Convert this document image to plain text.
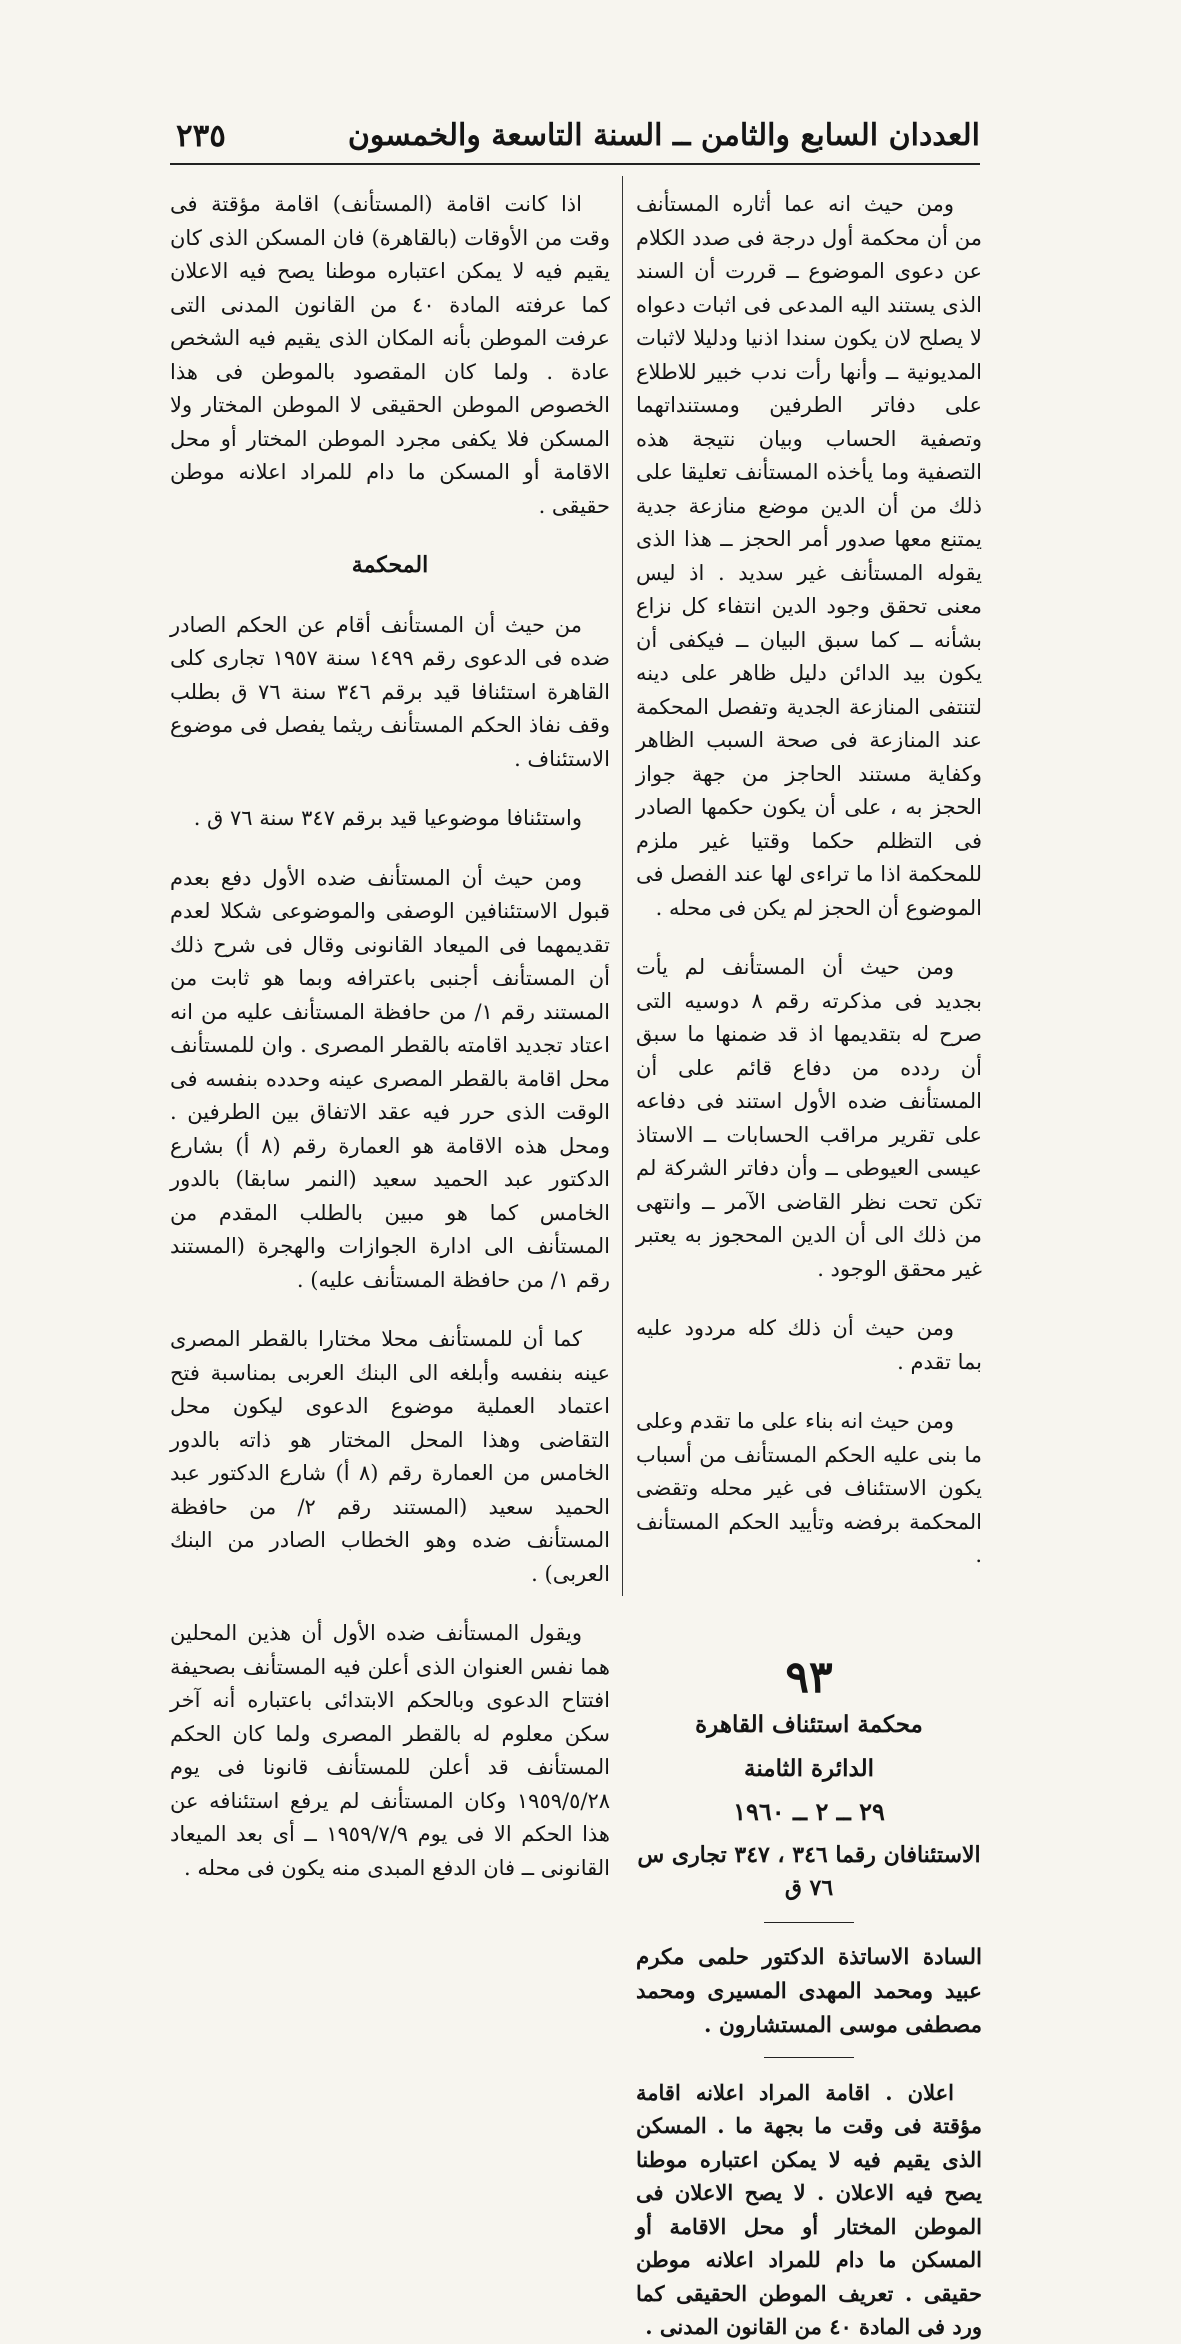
العددان السابع والثامن ــ السنة التاسعة والخمسون
٢٣٥

ومن حيث انه عما أثاره المستأنف من أن محكمة أول درجة فى صدد الكلام عن دعوى الموضوع ــ قررت أن السند الذى يستند اليه المدعى فى اثبات دعواه لا يصلح لان يكون سندا اذنيا ودليلا لاثبات المديونية ــ وأنها رأت ندب خبير للاطلاع على دفاتر الطرفين ومستنداتهما وتصفية الحساب وبيان نتيجة هذه التصفية وما يأخذه المستأنف تعليقا على ذلك من أن الدين موضع منازعة جدية يمتنع معها صدور أمر الحجز ــ هذا الذى يقوله المستأنف غير سديد . اذ ليس معنى تحقق وجود الدين انتفاء كل نزاع بشأنه ــ كما سبق البيان ــ فيكفى أن يكون بيد الدائن دليل ظاهر على دينه لتنتفى المنازعة الجدية وتفصل المحكمة عند المنازعة فى صحة السبب الظاهر وكفاية مستند الحاجز من جهة جواز الحجز به ، على أن يكون حكمها الصادر فى التظلم حكما وقتيا غير ملزم للمحكمة اذا ما تراءى لها عند الفصل فى الموضوع أن الحجز لم يكن فى محله .

ومن حيث أن المستأنف لم يأت بجديد فى مذكرته رقم ٨ دوسيه التى صرح له بتقديمها اذ قد ضمنها ما سبق أن ردده من دفاع قائم على أن المستأنف ضده الأول استند فى دفاعه على تقرير مراقب الحسابات ــ الاستاذ عيسى العيوطى ــ وأن دفاتر الشركة لم تكن تحت نظر القاضى الآمر ــ وانتهى من ذلك الى أن الدين المحجوز به يعتبر غير محقق الوجود .

ومن حيث أن ذلك كله مردود عليه بما تقدم .

ومن حيث انه بناء على ما تقدم وعلى ما بنى عليه الحكم المستأنف من أسباب يكون الاستئناف فى غير محله وتقضى المحكمة برفضه وتأييد الحكم المستأنف .

٩٣
محكمة استئناف القاهرة
الدائرة الثامنة
٢٩ ــ ٢ ــ ١٩٦٠
الاستئنافان رقما ٣٤٦ ، ٣٤٧ تجارى س ٧٦ ق
السادة الاساتذة الدكتور حلمى مكرم عبيد ومحمد المهدى المسيرى ومحمد مصطفى موسى المستشارون .
اعلان . اقامة المراد اعلانه اقامة مؤقتة فى وقت ما بجهة ما . المسكن الذى يقيم فيه لا يمكن اعتباره موطنا يصح فيه الاعلان . لا يصح الاعلان فى الموطن المختار أو محل الاقامة أو المسكن ما دام للمراد اعلانه موطن حقيقى . تعريف الموطن الحقيقى كما ورد فى المادة ٤٠ من القانون المدنى .

اذا كانت اقامة (المستأنف) اقامة مؤقتة فى وقت من الأوقات (بالقاهرة) فان المسكن الذى كان يقيم فيه لا يمكن اعتباره موطنا يصح فيه الاعلان كما عرفته المادة ٤٠ من القانون المدنى التى عرفت الموطن بأنه المكان الذى يقيم فيه الشخص عادة . ولما كان المقصود بالموطن فى هذا الخصوص الموطن الحقيقى لا الموطن المختار ولا المسكن فلا يكفى مجرد الموطن المختار أو محل الاقامة أو المسكن ما دام للمراد اعلانه موطن حقيقى .

المحكمة

من حيث أن المستأنف أقام عن الحكم الصادر ضده فى الدعوى رقم ١٤٩٩ سنة ١٩٥٧ تجارى كلى القاهرة استئنافا قيد برقم ٣٤٦ سنة ٧٦ ق بطلب وقف نفاذ الحكم المستأنف ريثما يفصل فى موضوع الاستئناف .

واستئنافا موضوعيا قيد برقم ٣٤٧ سنة ٧٦ ق .

ومن حيث أن المستأنف ضده الأول دفع بعدم قبول الاستئنافين الوصفى والموضوعى شكلا لعدم تقديمهما فى الميعاد القانونى وقال فى شرح ذلك أن المستأنف أجنبى باعترافه وبما هو ثابت من المستند رقم ١/ من حافظة المستأنف عليه من انه اعتاد تجديد اقامته بالقطر المصرى . وان للمستأنف محل اقامة بالقطر المصرى عينه وحدده بنفسه فى الوقت الذى حرر فيه عقد الاتفاق بين الطرفين . ومحل هذه الاقامة هو العمارة رقم (٨ أ) بشارع الدكتور عبد الحميد سعيد (النمر سابقا) بالدور الخامس كما هو مبين بالطلب المقدم من المستأنف الى ادارة الجوازات والهجرة (المستند رقم ١/ من حافظة المستأنف عليه) .

كما أن للمستأنف محلا مختارا بالقطر المصرى عينه بنفسه وأبلغه الى البنك العربى بمناسبة فتح اعتماد العملية موضوع الدعوى ليكون محل التقاضى وهذا المحل المختار هو ذاته بالدور الخامس من العمارة رقم (٨ أ) شارع الدكتور عبد الحميد سعيد (المستند رقم ٢/ من حافظة المستأنف ضده وهو الخطاب الصادر من البنك العربى) .

ويقول المستأنف ضده الأول أن هذين المحلين هما نفس العنوان الذى أعلن فيه المستأنف بصحيفة افتتاح الدعوى وبالحكم الابتدائى باعتباره أنه آخر سكن معلوم له بالقطر المصرى ولما كان الحكم المستأنف قد أعلن للمستأنف قانونا فى يوم ١٩٥٩/٥/٢٨ وكان المستأنف لم يرفع استئنافه عن هذا الحكم الا فى يوم ١٩٥٩/٧/٩ ــ أى بعد الميعاد القانونى ــ فان الدفع المبدى منه يكون فى محله .
